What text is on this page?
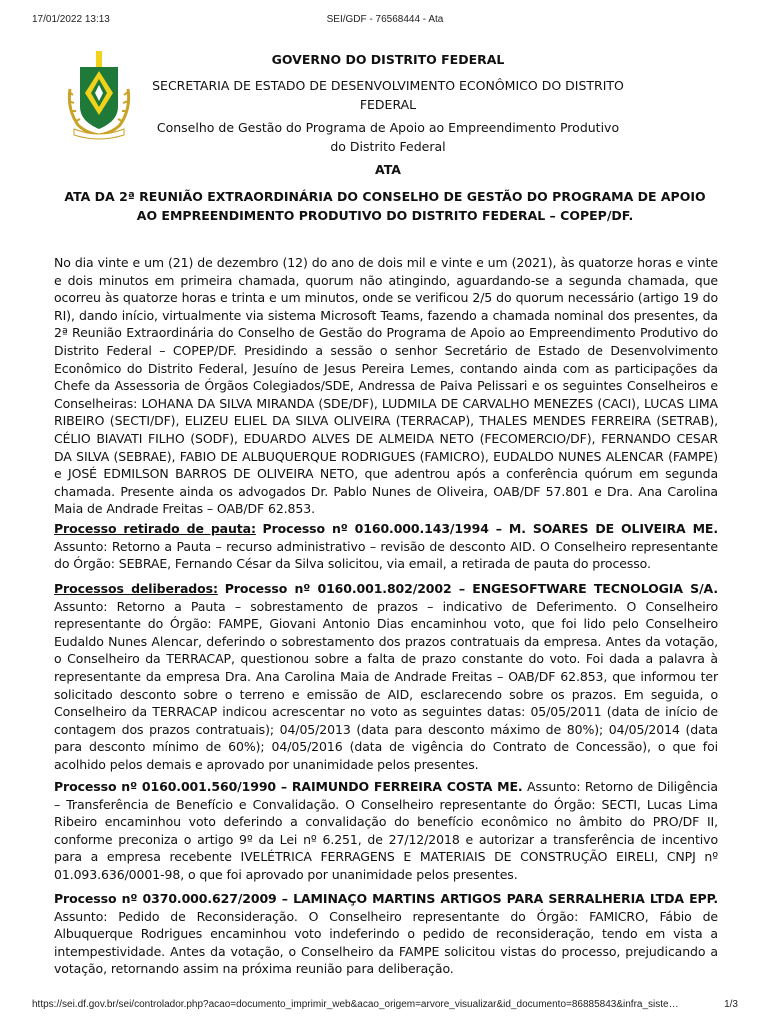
17/01/2022 13:13	SEI/GDF - 76568444 - Ata
GOVERNO DO DISTRITO FEDERAL
SECRETARIA DE ESTADO DE DESENVOLVIMENTO ECONÔMICO DO DISTRITO FEDERAL
Conselho de Gestão do Programa de Apoio ao Empreendimento Produtivo do Distrito Federal
ATA
ATA DA 2ª REUNIÃO EXTRAORDINÁRIA DO CONSELHO DE GESTÃO DO PROGRAMA DE APOIO AO EMPREENDIMENTO PRODUTIVO DO DISTRITO FEDERAL – COPEP/DF.
No dia vinte e um (21) de dezembro (12) do ano de dois mil e vinte e um (2021), às quatorze horas e vinte e dois minutos em primeira chamada, quorum não atingindo, aguardando-se a segunda chamada, que ocorreu às quatorze horas e trinta e um minutos, onde se verificou 2/5 do quorum necessário (artigo 19 do RI), dando início, virtualmente via sistema Microsoft Teams, fazendo a chamada nominal dos presentes, da 2ª Reunião Extraordinária do Conselho de Gestão do Programa de Apoio ao Empreendimento Produtivo do Distrito Federal – COPEP/DF. Presidindo a sessão o senhor Secretário de Estado de Desenvolvimento Econômico do Distrito Federal, Jesuíno de Jesus Pereira Lemes, contando ainda com as participações da Chefe da Assessoria de Órgãos Colegiados/SDE, Andressa de Paiva Pelissari e os seguintes Conselheiros e Conselheiras: LOHANA DA SILVA MIRANDA (SDE/DF), LUDMILA DE CARVALHO MENEZES (CACI), LUCAS LIMA RIBEIRO (SECTI/DF), ELIZEU ELIEL DA SILVA OLIVEIRA (TERRACAP), THALES MENDES FERREIRA (SETRAB), CÉLIO BIAVATI FILHO (SODF), EDUARDO ALVES DE ALMEIDA NETO (FECOMERCIO/DF), FERNANDO CESAR DA SILVA (SEBRAE), FABIO DE ALBUQUERQUE RODRIGUES (FAMICRO), EUDALDO NUNES ALENCAR (FAMPE) e JOSÉ EDMILSON BARROS DE OLIVEIRA NETO, que adentrou após a conferência quórum em segunda chamada. Presente ainda os advogados Dr. Pablo Nunes de Oliveira, OAB/DF 57.801 e Dra. Ana Carolina Maia de Andrade Freitas – OAB/DF 62.853.
Processo retirado de pauta: Processo nº 0160.000.143/1994 – M. SOARES DE OLIVEIRA ME. Assunto: Retorno a Pauta – recurso administrativo – revisão de desconto AID. O Conselheiro representante do Órgão: SEBRAE, Fernando César da Silva solicitou, via email, a retirada de pauta do processo.
Processos deliberados: Processo nº 0160.001.802/2002 – ENGESOFTWARE TECNOLOGIA S/A. Assunto: Retorno a Pauta – sobrestamento de prazos – indicativo de Deferimento. O Conselheiro representante do Órgão: FAMPE, Giovani Antonio Dias encaminhou voto, que foi lido pelo Conselheiro Eudaldo Nunes Alencar, deferindo o sobrestamento dos prazos contratuais da empresa. Antes da votação, o Conselheiro da TERRACAP, questionou sobre a falta de prazo constante do voto. Foi dada a palavra à representante da empresa Dra. Ana Carolina Maia de Andrade Freitas – OAB/DF 62.853, que informou ter solicitado desconto sobre o terreno e emissão de AID, esclarecendo sobre os prazos. Em seguida, o Conselheiro da TERRACAP indicou acrescentar no voto as seguintes datas: 05/05/2011 (data de início de contagem dos prazos contratuais); 04/05/2013 (data para desconto máximo de 80%); 04/05/2014 (data para desconto mínimo de 60%); 04/05/2016 (data de vigência do Contrato de Concessão), o que foi acolhido pelos demais e aprovado por unanimidade pelos presentes.
Processo nº 0160.001.560/1990 – RAIMUNDO FERREIRA COSTA ME. Assunto: Retorno de Diligência – Transferência de Benefício e Convalidação. O Conselheiro representante do Órgão: SECTI, Lucas Lima Ribeiro encaminhou voto deferindo a convalidação do benefício econômico no âmbito do PRO/DF II, conforme preconiza o artigo 9º da Lei nº 6.251, de 27/12/2018 e autorizar a transferência de incentivo para a empresa recebente IVELÉTRICA FERRAGENS E MATERIAIS DE CONSTRUÇÃO EIRELI, CNPJ nº 01.093.636/0001-98, o que foi aprovado por unanimidade pelos presentes.
Processo nº 0370.000.627/2009 – LAMINAÇO MARTINS ARTIGOS PARA SERRALHERIA LTDA EPP. Assunto: Pedido de Reconsideração. O Conselheiro representante do Órgão: FAMICRO, Fábio de Albuquerque Rodrigues encaminhou voto indeferindo o pedido de reconsideração, tendo em vista a intempestividade. Antes da votação, o Conselheiro da FAMPE solicitou vistas do processo, prejudicando a votação, retornando assim na próxima reunião para deliberação.
https://sei.df.gov.br/sei/controlador.php?acao=documento_imprimir_web&acao_origem=arvore_visualizar&id_documento=86885843&infra_siste…	1/3
